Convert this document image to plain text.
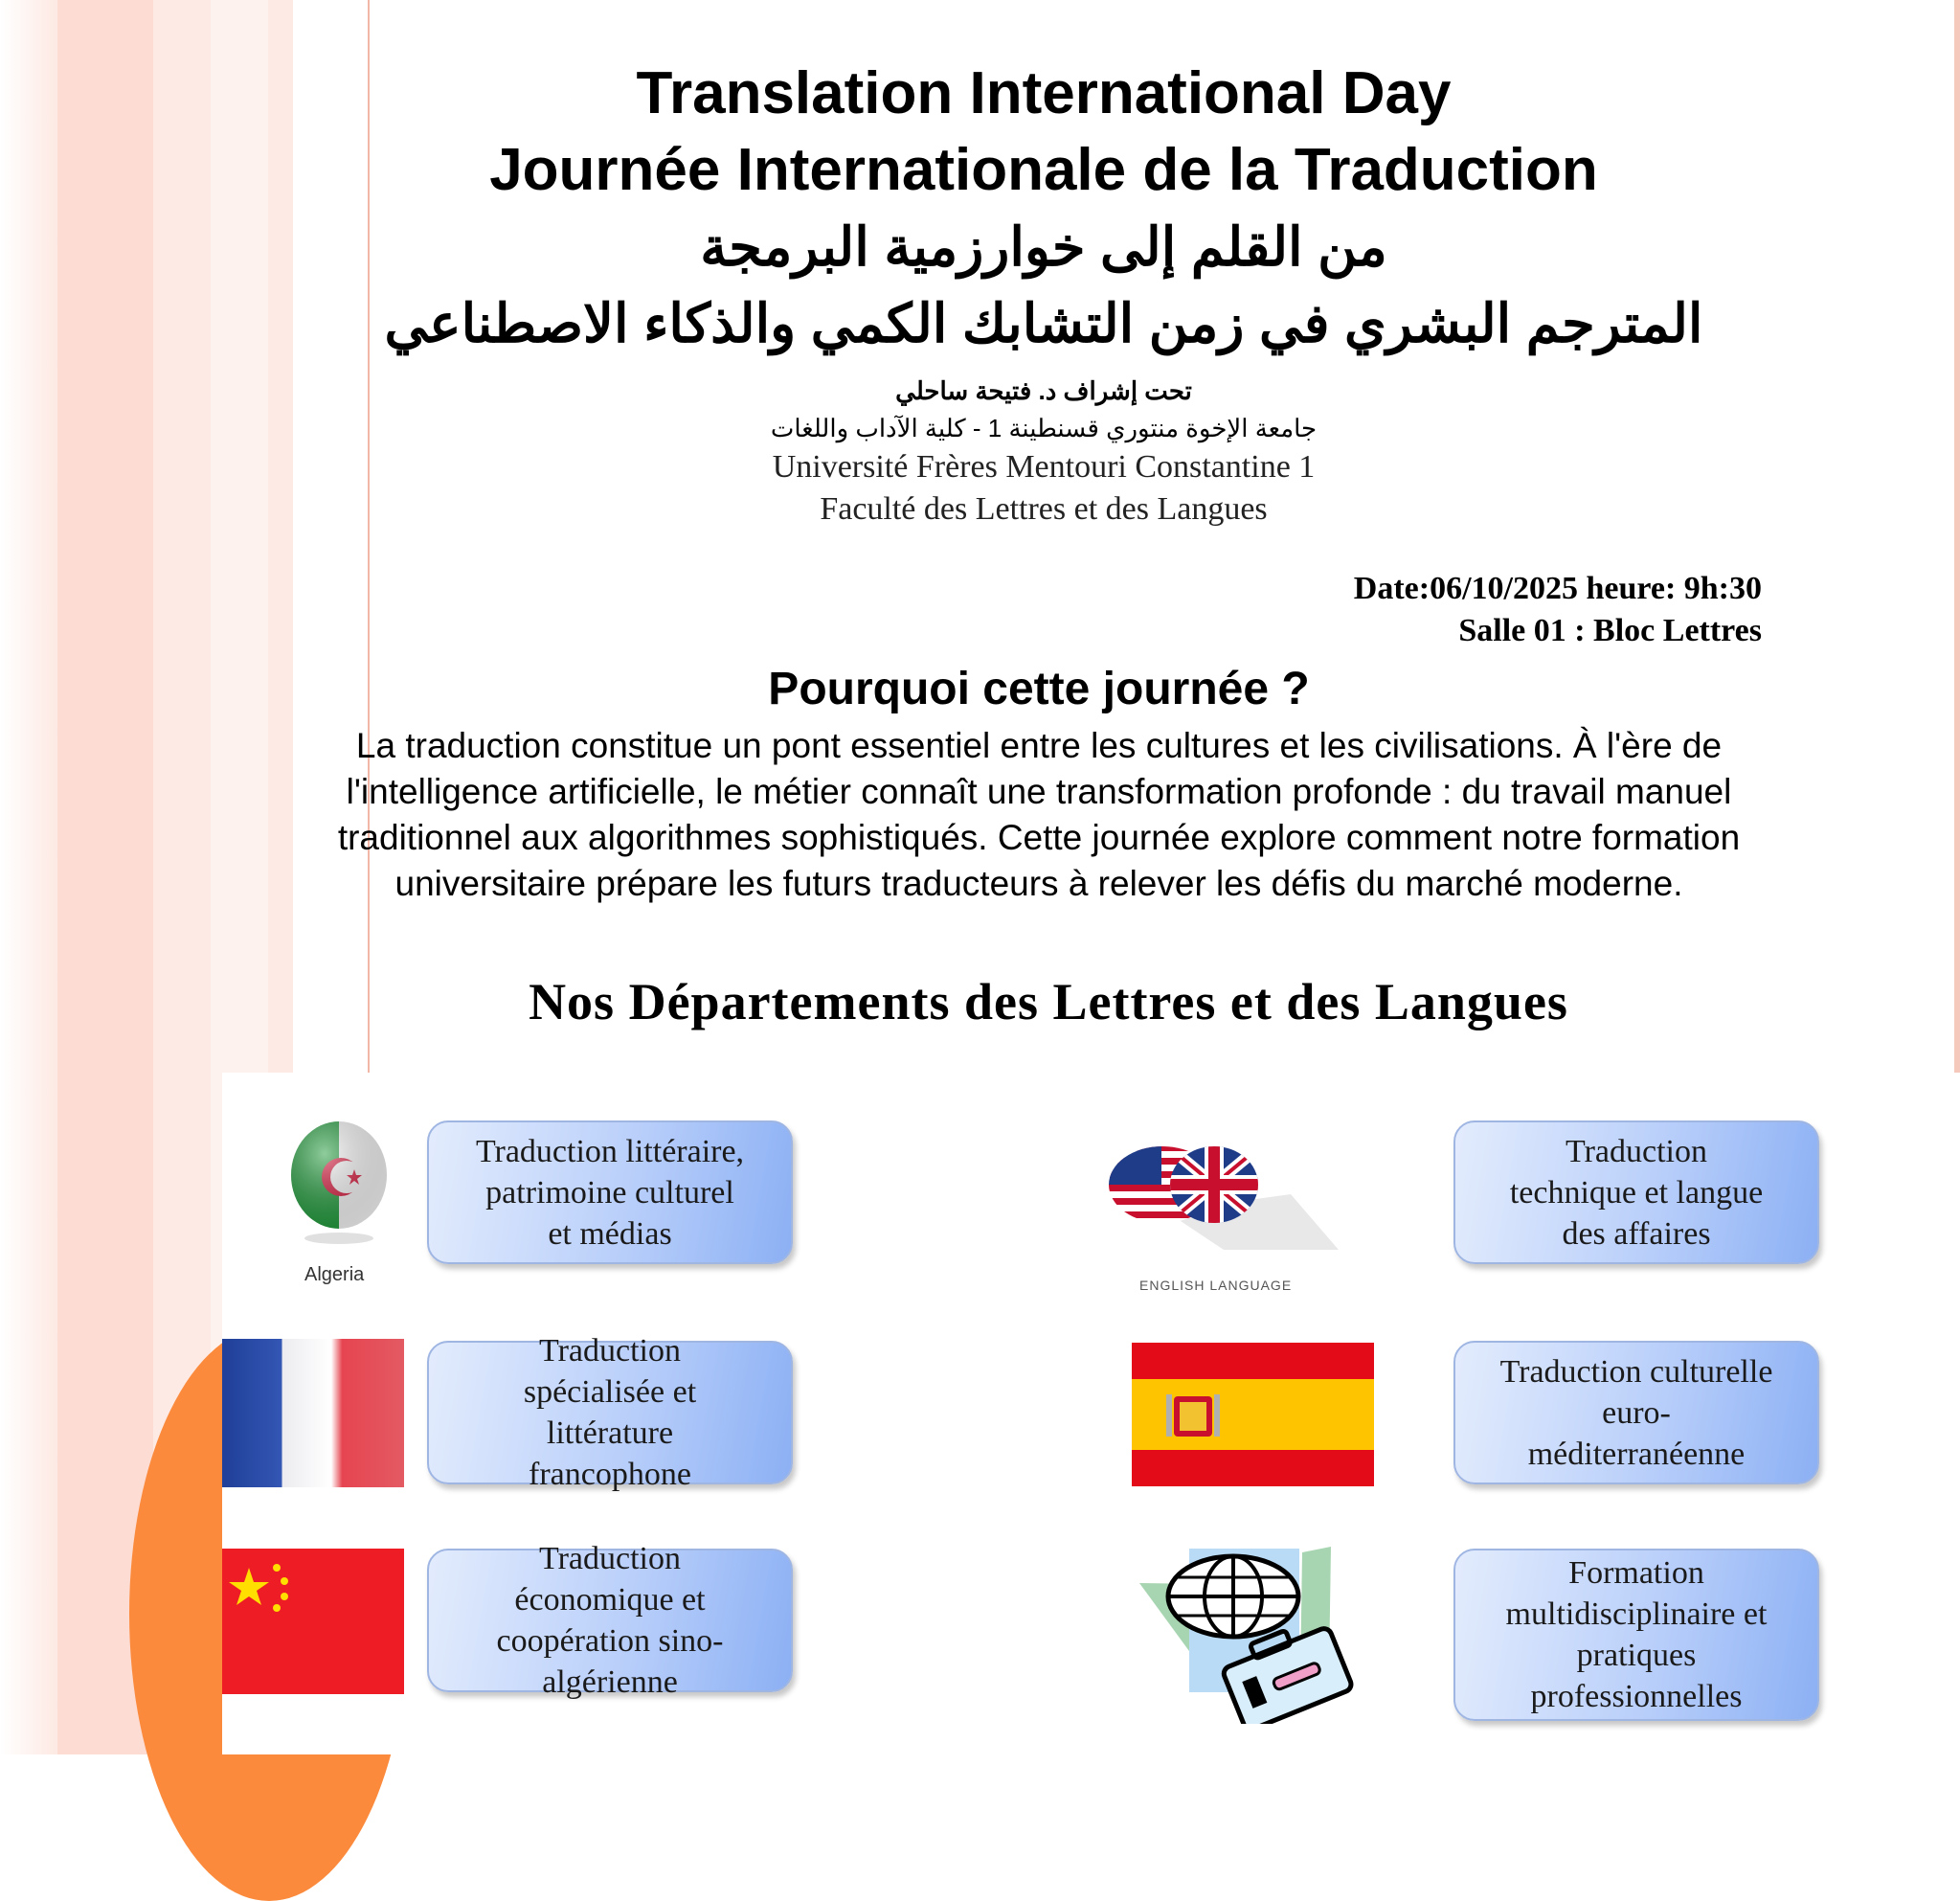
Translation International Day
Journée Internationale de la Traduction
من القلم إلى خوارزمية البرمجة
المترجم البشري في زمن التشابك الكمي والذكاء الاصطناعي
تحت إشراف د. فتيحة ساحلي
جامعة الإخوة منتوري قسنطينة 1 - كلية الآداب واللغات
Université Frères Mentouri Constantine 1
Faculté des Lettres et des Langues
Date:06/10/2025 heure: 9h:30
Salle 01 : Bloc Lettres
Pourquoi cette journée ?
La traduction constitue un pont essentiel entre les cultures et les civilisations. À l'ère de
l'intelligence artificielle, le métier connaît une transformation profonde : du travail manuel
traditionnel aux algorithmes sophistiqués. Cette journée explore comment notre formation
universitaire prépare les futurs traducteurs à relever les défis du marché moderne.
Nos Départements des Lettres et des Langues
Algeria	ENGLISH LANGUAGE
Traduction littéraire,
patrimoine culturel
et médias
Traduction
technique et langue
des affaires
Traduction
spécialisée et
littérature
francophone
Traduction culturelle
euro-
méditerranéenne
Traduction
économique et
coopération sino-
algérienne
Formation
multidisciplinaire et
pratiques
professionnelles
